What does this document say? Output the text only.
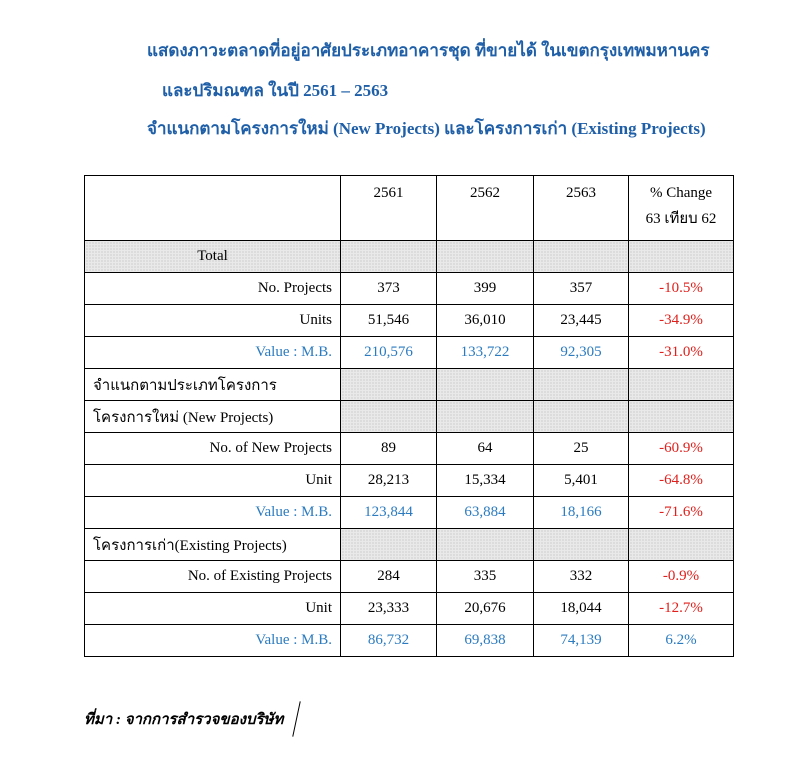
แสดงภาวะตลาดที่อยู่อาศัยประเภทอาคารชุด ที่ขายได้ ในเขตกรุงเทพมหานคร
และปริมณฑล ในปี 2561 – 2563
จำแนกตามโครงการใหม่ (New Projects) และโครงการเก่า (Existing Projects)

	2561	2562	2563	% Change
63 เทียบ 62

Total				
No. Projects	373	399	357	-10.5%
Units	51,546	36,010	23,445	-34.9%
Value : M.B.	210,576	133,722	92,305	-31.0%
จำแนกตามประเภทโครงการ				
โครงการใหม่ (New Projects)				
No. of New Projects	89	64	25	-60.9%
Unit	28,213	15,334	5,401	-64.8%
Value : M.B.	123,844	63,884	18,166	-71.6%
โครงการเก่า(Existing Projects)				
No. of Existing Projects	284	335	332	-0.9%
Unit	23,333	20,676	18,044	-12.7%
Value : M.B.	86,732	69,838	74,139	6.2%
ที่มา : จากการสำรวจของบริษัท
